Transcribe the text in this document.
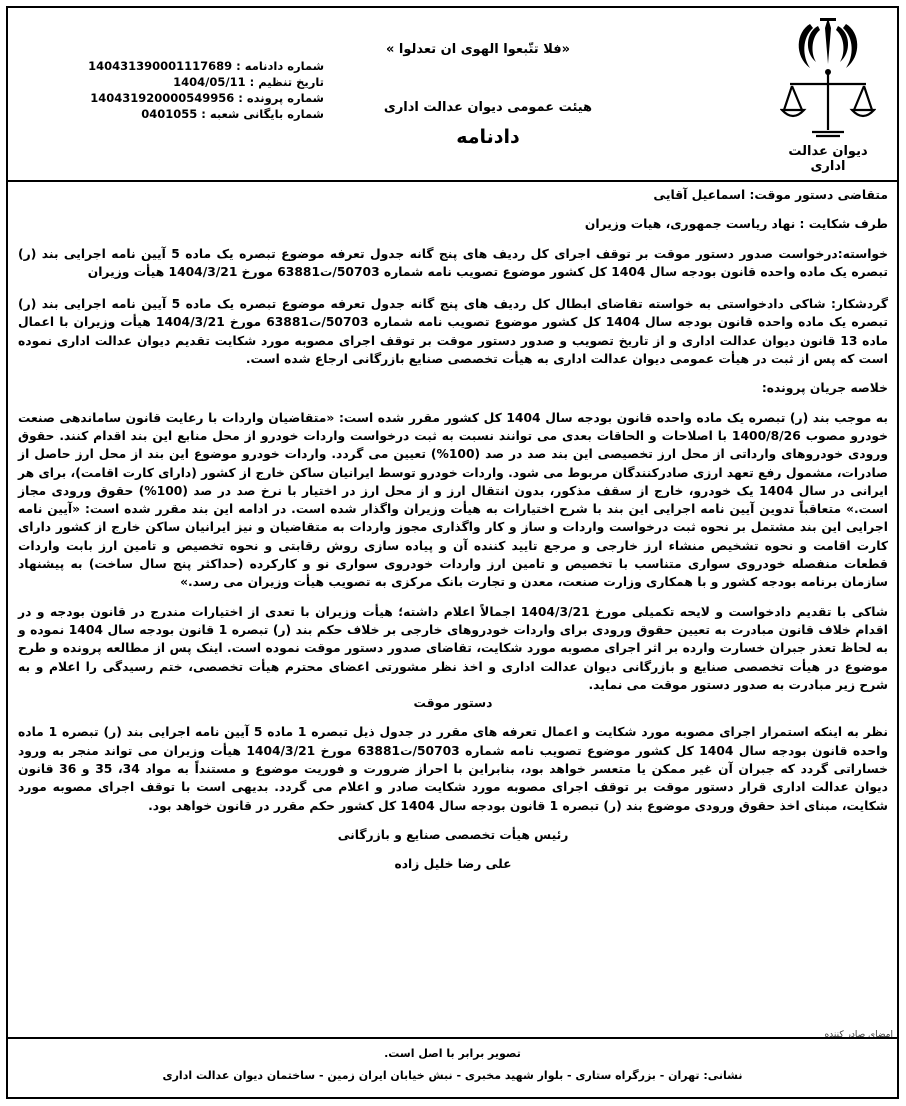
دیوان عدالت اداری
«فلا تتّبعوا الهوی ان تعدلوا »
هیئت عمومی دیوان عدالت اداری
دادنامه
شماره دادنامه :
140431390001117689
تاریخ تنظیم :
1404/05/11
شماره پرونده :
140431920000549956
شماره بایگانی شعبه :
0401055

متقاضی دستور موقت: اسماعیل آقایی

طرف شکایت : نهاد ریاست جمهوری، هیات وزیران

خواسته:درخواست صدور دستور موقت بر توقف اجرای کل ردیف های پنج گانه جدول تعرفه موضوع تبصره یک ماده 5 آیین نامه اجرایی بند (ر) تبصره یک ماده واحده قانون بودجه سال 1404 کل کشور موضوع تصویب نامه شماره 50703/ت63881 مورخ 1404/3/21 هیأت وزیران

گردشکار: شاکی دادخواستی به خواسته تقاضای ابطال کل ردیف های پنج گانه جدول تعرفه موضوع تبصره یک ماده 5 آیین نامه اجرایی بند (ر) تبصره یک ماده واحده قانون بودجه سال 1404 کل کشور موضوع تصویب نامه شماره 50703/ت63881 مورخ 1404/3/21 هیأت وزیران با اعمال ماده 13 قانون دیوان عدالت اداری و از تاریخ تصویب و صدور دستور موقت بر توقف اجرای مصوبه مورد شکایت تقدیم دیوان عدالت اداری نموده است که پس از ثبت در هیأت عمومی دیوان عدالت اداری به هیأت تخصصی صنایع بازرگانی ارجاع شده است.

خلاصه جریان پرونده:

به موجب بند (ر) تبصره یک ماده واحده قانون بودجه سال 1404 کل کشور مقرر شده است: «متقاضیان واردات با رعایت قانون ساماندهی صنعت خودرو مصوب 1400/8/26 با اصلاحات و الحاقات بعدی می توانند نسبت به ثبت درخواست واردات خودرو از محل منابع این بند اقدام کنند. حقوق ورودی خودروهای وارداتی از محل ارز تخصیصی این بند صد در صد (100%) تعیین می گردد. واردات خودرو موضوع این بند از محل ارز حاصل از صادرات، مشمول رفع تعهد ارزی صادرکنندگان مربوط می شود. واردات خودرو توسط ایرانیان ساکن خارج از کشور (دارای کارت اقامت)، برای هر ایرانی در سال 1404 یک خودرو، خارج از سقف مذکور، بدون انتقال ارز و از محل ارز در اختیار با نرخ صد در صد (100%) حقوق ورودی مجاز است.» متعاقباً تدوین آیین نامه اجرایی این بند با شرح اختیارات به هیأت وزیران واگذار شده است. در ادامه این بند مقرر شده است: «آیین نامه اجرایی این بند مشتمل بر نحوه ثبت درخواست واردات و ساز و کار واگذاری مجوز واردات به متقاضیان و نیز ایرانیان ساکن خارج از کشور دارای کارت اقامت و نحوه تشخیص منشاء ارز خارجی و مرجع تایید کننده آن و پیاده سازی روش رقابتی و نحوه تخصیص و تامین ارز بابت واردات قطعات منفصله خودروی سواری متناسب با تخصیص و تامین ارز واردات خودروی سواری نو و کارکرده (حداکثر پنج سال ساخت) به پیشنهاد سازمان برنامه بودجه کشور و با همکاری وزارت صنعت، معدن و تجارت بانک مرکزی به تصویب هیأت وزیران می رسد.»

شاکی با تقدیم دادخواست و لایحه تکمیلی مورخ 1404/3/21 اجمالاً اعلام داشته؛ هیأت وزیران با تعدی از اختیارات مندرج در قانون بودجه و در اقدام خلاف قانون مبادرت به تعیین حقوق ورودی برای واردات خودروهای خارجی بر خلاف حکم بند (ر) تبصره 1 قانون بودجه سال 1404 نموده و به لحاظ تعذر جبران خسارت وارده بر اثر اجرای مصوبه مورد شکایت، تقاضای صدور دستور موقت نموده است. اینک پس از مطالعه پرونده و طرح موضوع در هیأت تخصصی صنایع و بازرگانی دیوان عدالت اداری و اخذ نظر مشورتی اعضای محترم هیأت تخصصی، ختم رسیدگی را اعلام و به شرح زیر مبادرت به صدور دستور موقت می نماید.

دستور موقت

نظر به اینکه استمرار اجرای مصوبه مورد شکایت و اعمال تعرفه های مقرر در جدول ذیل تبصره 1 ماده 5 آیین نامه اجرایی بند (ر) تبصره 1 ماده واحده قانون بودجه سال 1404 کل کشور موضوع تصویب نامه شماره 50703/ت63881 مورخ 1404/3/21 هیأت وزیران می تواند منجر به ورود خساراتی گردد که جبران آن غیر ممکن یا متعسر خواهد بود، بنابراین با احراز ضرورت و فوریت موضوع و مستنداً به مواد 34، 35 و 36 قانون دیوان عدالت اداری قرار دستور موقت بر توقف اجرای مصوبه مورد شکایت صادر و اعلام می گردد. بدیهی است با توقف اجرای مصوبه مورد شکایت، مبنای اخذ حقوق ورودی موضوع بند (ر) تبصره 1 قانون بودجه سال 1404 کل کشور حکم مقرر در قانون خواهد بود.

رئیس هیأت تخصصی صنایع و بازرگانی

علی رضا خلیل زاده

امضای صادر کننده
تصویر برابر با اصل است.
نشانی: تهران - بزرگراه ستاری - بلوار شهید مخبری - نبش خیابان ایران زمین - ساختمان دیوان عدالت اداری
